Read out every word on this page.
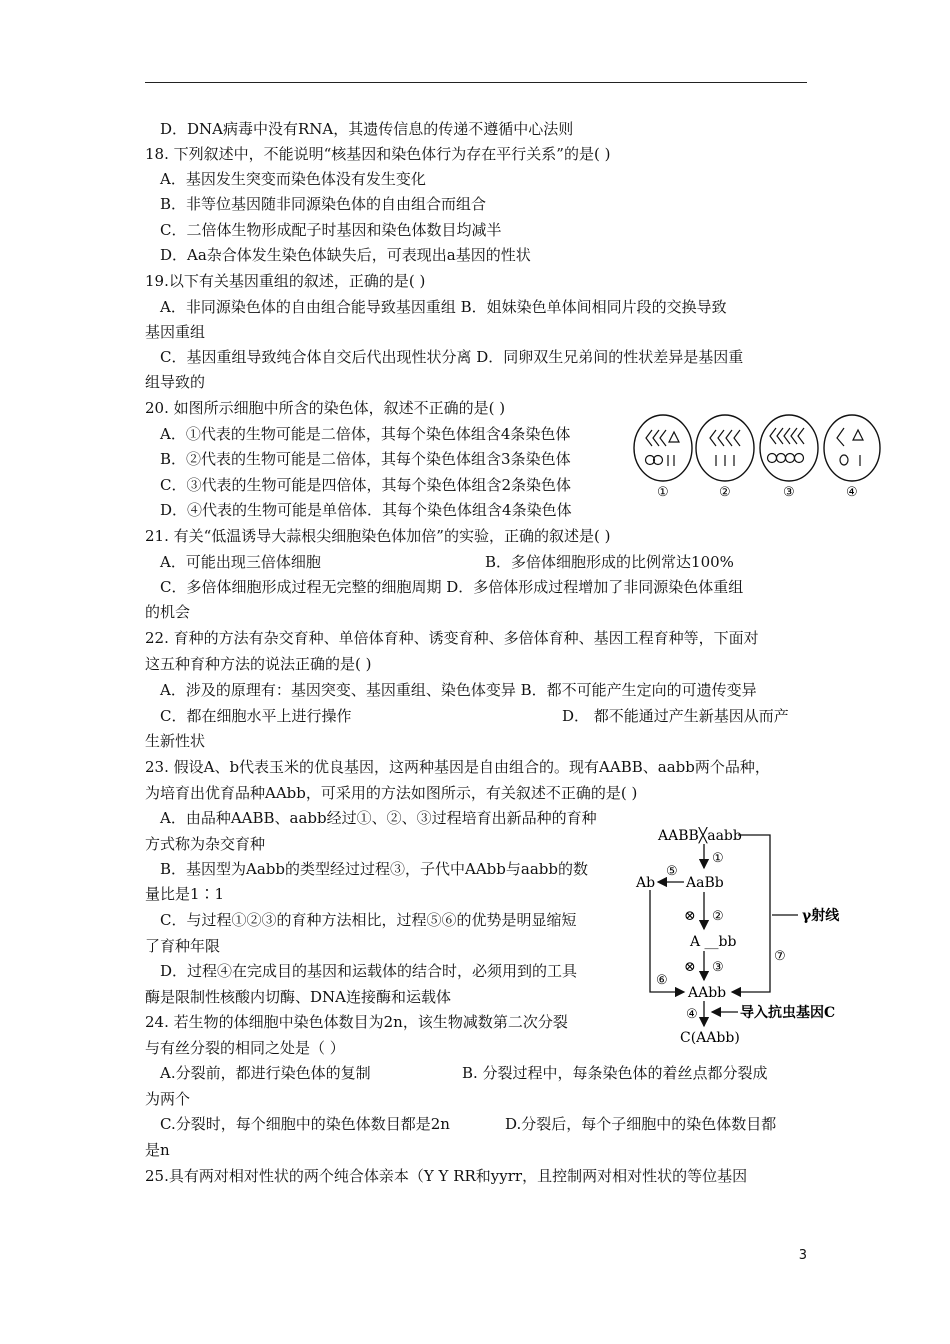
D．DNA病毒中没有RNA，其遗传信息的传递不遵循中心法则
18. 下列叙述中，不能说明“核基因和染色体行为存在平行关系”的是( )
A．基因发生突变而染色体没有发生变化
B．非等位基因随非同源染色体的自由组合而组合
C．二倍体生物形成配子时基因和染色体数目均减半
D．Aa杂合体发生染色体缺失后，可表现出a基因的性状
19.以下有关基因重组的叙述，正确的是( )
A．非同源染色体的自由组合能导致基因重组 B．姐妹染色单体间相同片段的交换导致
基因重组
C．基因重组导致纯合体自交后代出现性状分离 D．同卵双生兄弟间的性状差异是基因重
组导致的
20. 如图所示细胞中所含的染色体，叙述不正确的是( )
A．①代表的生物可能是二倍体，其每个染色体组含4条染色体
B．②代表的生物可能是二倍体，其每个染色体组含3条染色体
C．③代表的生物可能是四倍体，其每个染色体组含2条染色体
D．④代表的生物可能是单倍体．其每个染色体组含4条染色体
21. 有关“低温诱导大蒜根尖细胞染色体加倍”的实验，正确的叙述是( )
A．可能出现三倍体细胞	B．多倍体细胞形成的比例常达100%
C．多倍体细胞形成过程无完整的细胞周期 D．多倍体形成过程增加了非同源染色体重组
的机会
22. 育种的方法有杂交育种、单倍体育种、诱变育种、多倍体育种、基因工程育种等，下面对
这五种育种方法的说法正确的是( )
A．涉及的原理有：基因突变、基因重组、染色体变异 B．都不可能产生定向的可遗传变异
C．都在细胞水平上进行操作	D． 都不能通过产生新基因从而产
生新性状
23. 假设A、b代表玉米的优良基因，这两种基因是自由组合的。现有AABB、aabb两个品种，
为培育出优育品种AAbb，可采用的方法如图所示，有关叙述不正确的是( )
A．由品种AABB、aabb经过①、②、③过程培育出新品种的育种
方式称为杂交育种
B．基因型为Aabb的类型经过过程③，子代中AAbb与aabb的数
量比是1∶1
C．与过程①②③的育种方法相比，过程⑤⑥的优势是明显缩短
了育种年限
D．过程④在完成目的基因和运载体的结合时，必须用到的工具
酶是限制性核酸内切酶、DNA连接酶和运载体
24. 若生物的体细胞中染色体数目为2n，该生物减数第二次分裂
与有丝分裂的相同之处是（ ）
A.分裂前，都进行染色体的复制	B. 分裂过程中，每条染色体的着丝点都分裂成
为两个
C.分裂时，每个细胞中的染色体数目都是2n	D.分裂后，每个子细胞中的染色体数目都
是n
25.具有两对相对性状的两个纯合体亲本（Y Y RR和yyrr，且控制两对相对性状的等位基因
①	②	③	④
AABB╳aabb
AaBb
Ab
A __bb
AAbb
C(AAbb)
γ射线
导入抗虫基因C
①
⑤
⊗ ②
⊗ ③
⑥
⑦
④
3
